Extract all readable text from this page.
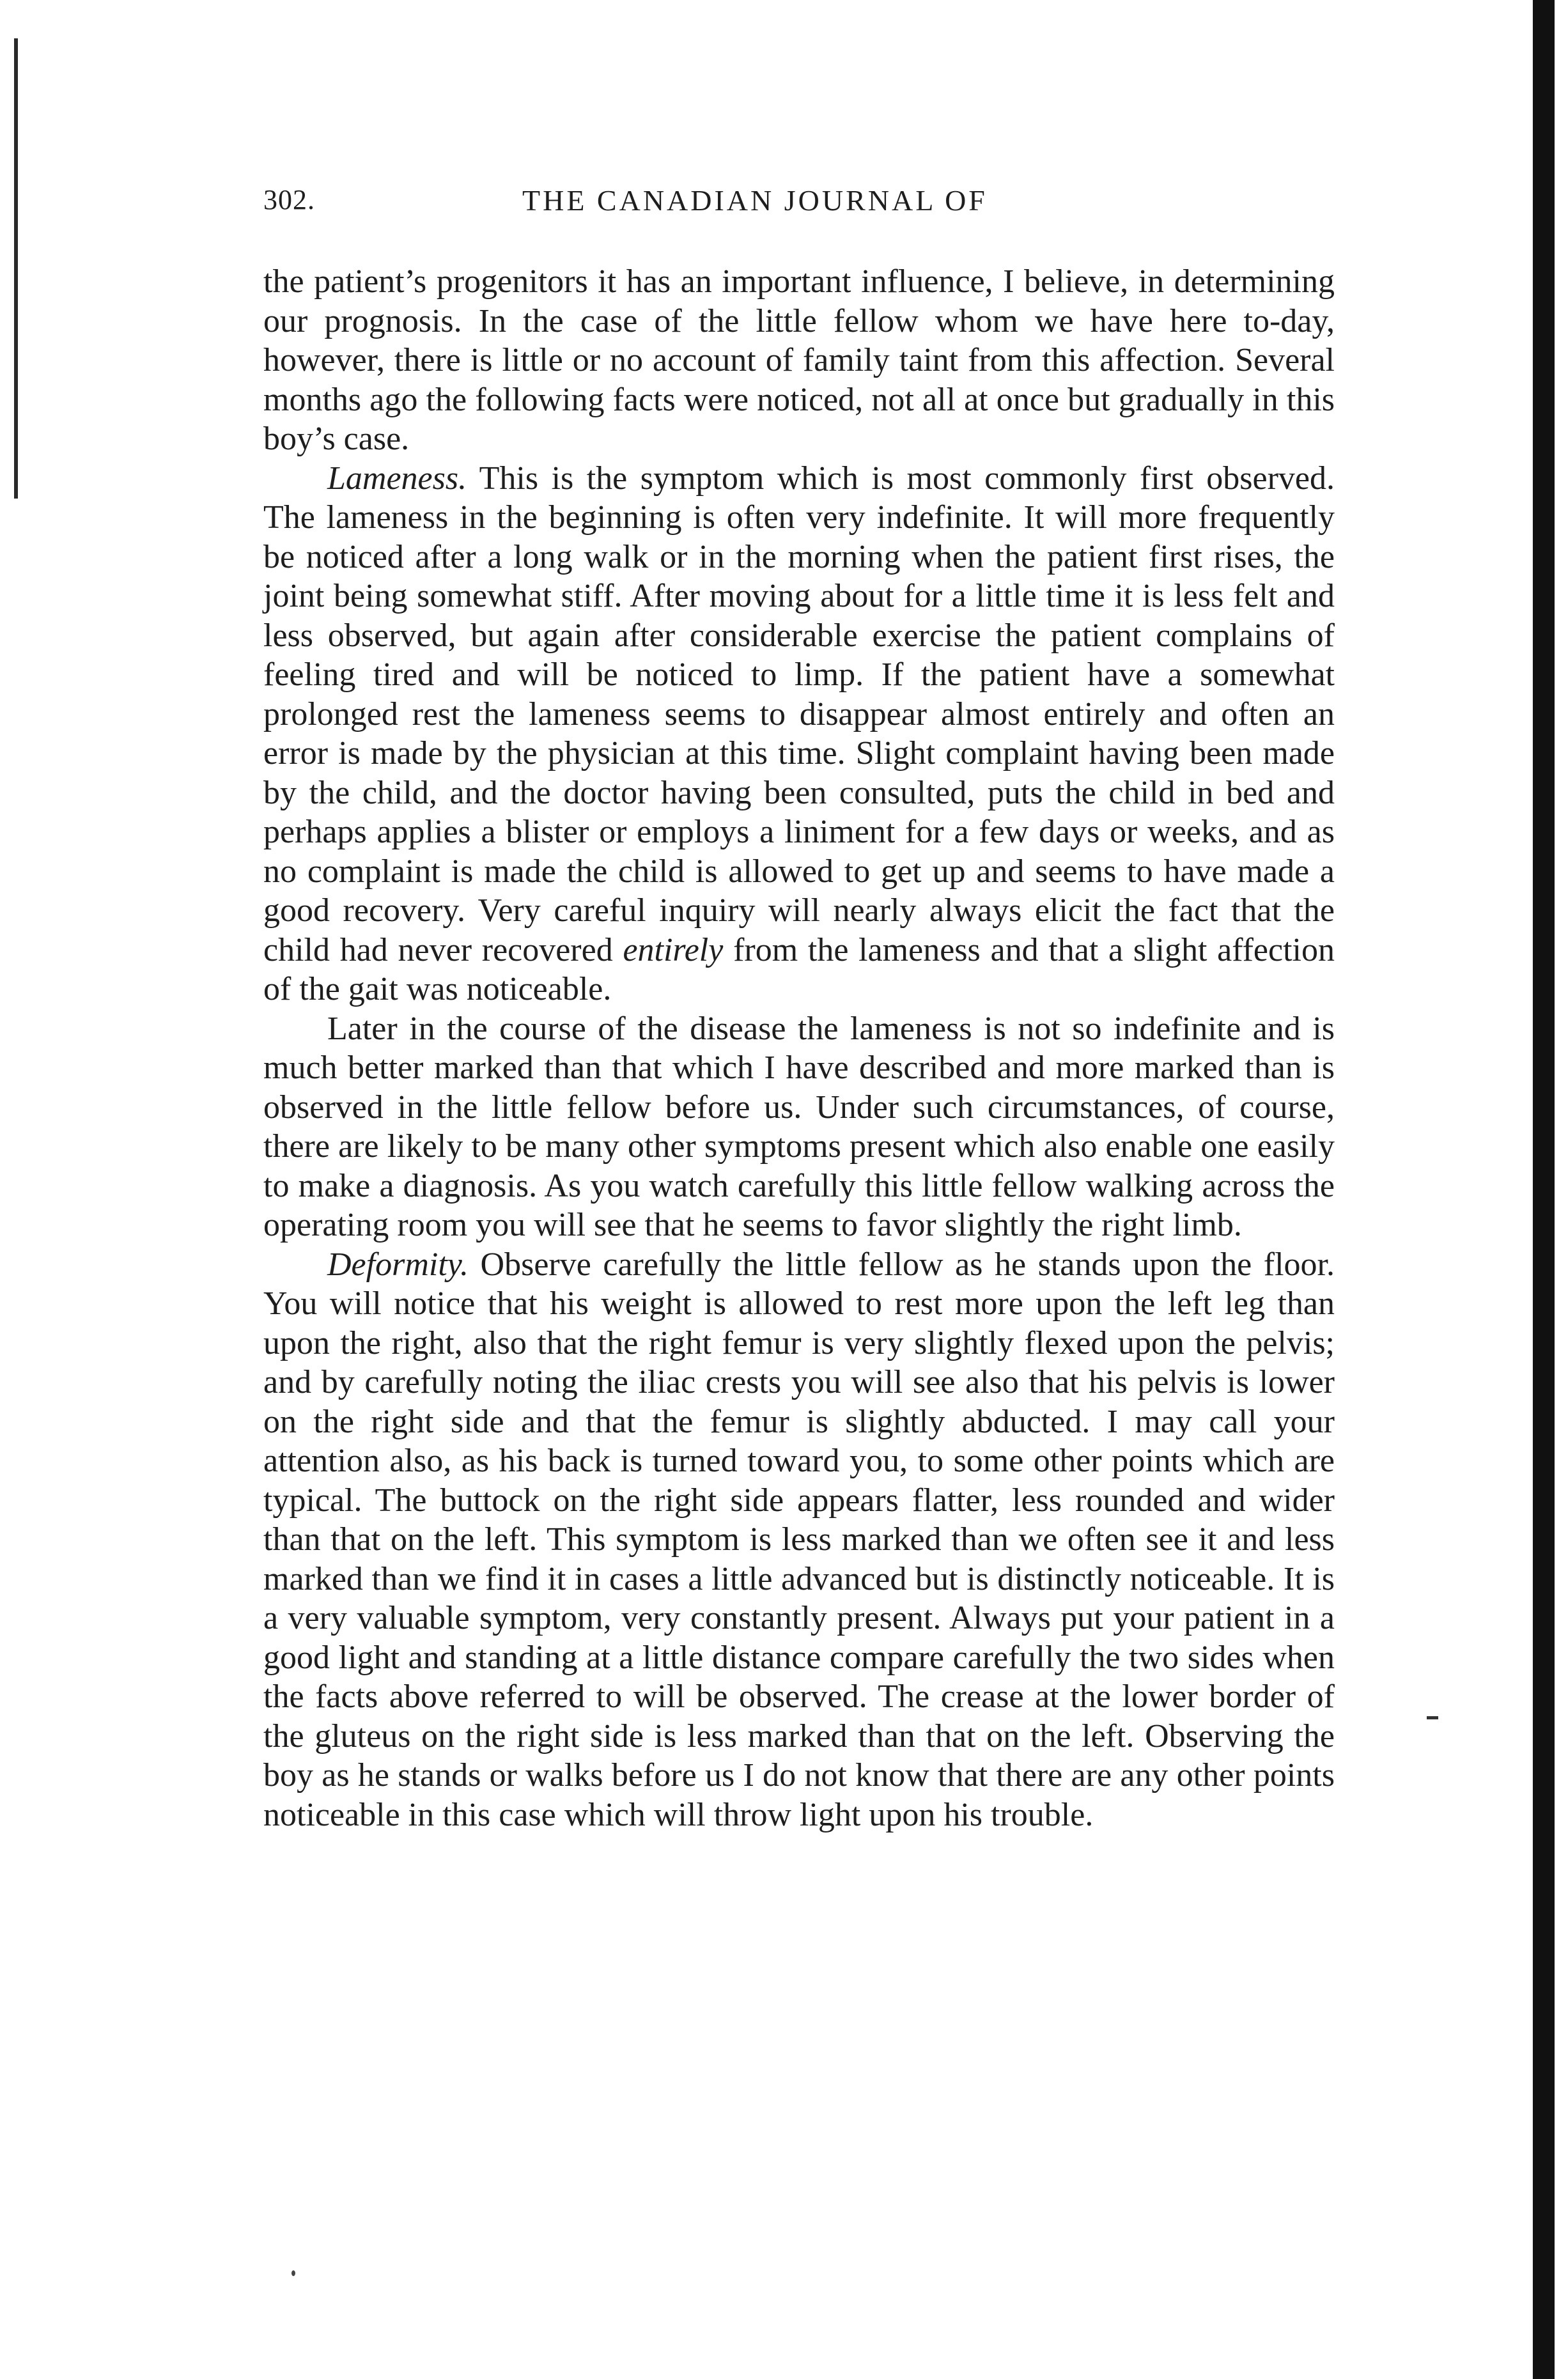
302.	THE CANADIAN JOURNAL OF

the patient’s progenitors it has an important influence, I believe, in determining our prognosis. In the case of the little fellow whom we have here to-day, however, there is little or no account of family taint from this affection. Several months ago the following facts were noticed, not all at once but gradually in this boy’s case.

Lameness. This is the symptom which is most commonly first observed. The lameness in the beginning is often very indefinite. It will more frequently be noticed after a long walk or in the morning when the patient first rises, the joint being somewhat stiff. After moving about for a little time it is less felt and less observed, but again after considerable exercise the patient complains of feeling tired and will be noticed to limp. If the patient have a somewhat prolonged rest the lameness seems to disappear almost entirely and often an error is made by the physician at this time. Slight complaint having been made by the child, and the doctor having been consulted, puts the child in bed and perhaps applies a blister or employs a liniment for a few days or weeks, and as no complaint is made the child is allowed to get up and seems to have made a good recovery. Very careful inquiry will nearly always elicit the fact that the child had never recovered entirely from the lameness and that a slight affection of the gait was noticeable.

Later in the course of the disease the lameness is not so indefinite and is much better marked than that which I have described and more marked than is observed in the little fellow before us. Under such circumstances, of course, there are likely to be many other symptoms present which also enable one easily to make a diagnosis. As you watch carefully this little fellow walking across the operating room you will see that he seems to favor slightly the right limb.

Deformity. Observe carefully the little fellow as he stands upon the floor. You will notice that his weight is allowed to rest more upon the left leg than upon the right, also that the right femur is very slightly flexed upon the pelvis; and by carefully noting the iliac crests you will see also that his pelvis is lower on the right side and that the femur is slightly abducted. I may call your attention also, as his back is turned toward you, to some other points which are typical. The buttock on the right side appears flatter, less rounded and wider than that on the left. This symptom is less marked than we often see it and less marked than we find it in cases a little advanced but is distinctly noticeable. It is a very valuable symptom, very constantly present. Always put your patient in a good light and standing at a little distance compare carefully the two sides when the facts above referred to will be observed. The crease at the lower border of the gluteus on the right side is less marked than that on the left. Observing the boy as he stands or walks before us I do not know that there are any other points noticeable in this case which will throw light upon his trouble.
